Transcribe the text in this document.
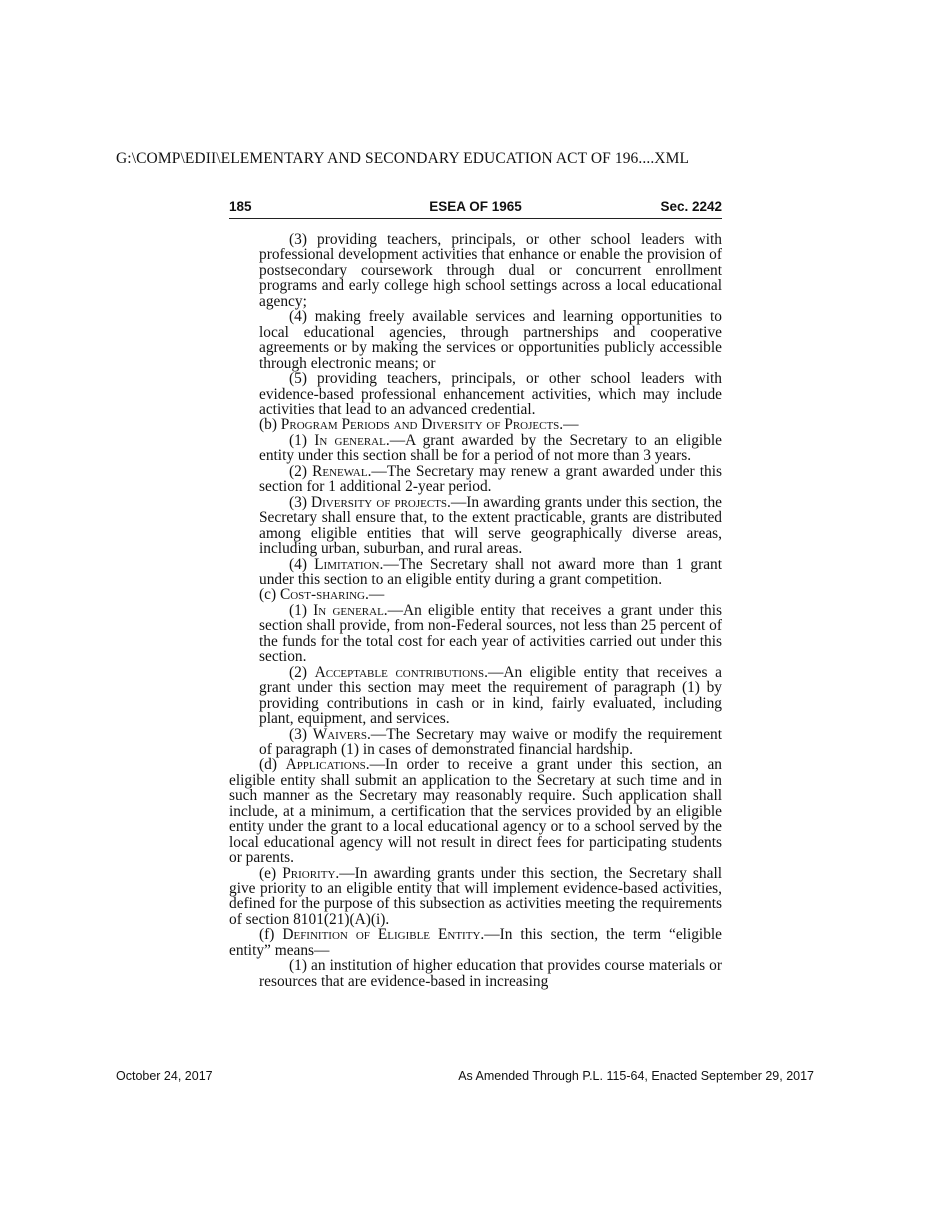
G:\COMP\EDII\ELEMENTARY AND SECONDARY EDUCATION ACT OF 196....XML
185	ESEA OF 1965	Sec. 2242

(3) providing teachers, principals, or other school leaders with professional development activities that enhance or enable the provision of postsecondary coursework through dual or concurrent enrollment programs and early college high school settings across a local educational agency;

(4) making freely available services and learning opportunities to local educational agencies, through partnerships and cooperative agreements or by making the services or opportunities publicly accessible through electronic means; or

(5) providing teachers, principals, or other school leaders with evidence-based professional enhancement activities, which may include activities that lead to an advanced credential.

(b) Program Periods and Diversity of Projects.—

(1) In general.—A grant awarded by the Secretary to an eligible entity under this section shall be for a period of not more than 3 years.

(2) Renewal.—The Secretary may renew a grant awarded under this section for 1 additional 2-year period.

(3) Diversity of projects.—In awarding grants under this section, the Secretary shall ensure that, to the extent practicable, grants are distributed among eligible entities that will serve geographically diverse areas, including urban, suburban, and rural areas.

(4) Limitation.—The Secretary shall not award more than 1 grant under this section to an eligible entity during a grant competition.

(c) Cost-sharing.—

(1) In general.—An eligible entity that receives a grant under this section shall provide, from non-Federal sources, not less than 25 percent of the funds for the total cost for each year of activities carried out under this section.

(2) Acceptable contributions.—An eligible entity that receives a grant under this section may meet the requirement of paragraph (1) by providing contributions in cash or in kind, fairly evaluated, including plant, equipment, and services.

(3) Waivers.—The Secretary may waive or modify the requirement of paragraph (1) in cases of demonstrated financial hardship.

(d) Applications.—In order to receive a grant under this section, an eligible entity shall submit an application to the Secretary at such time and in such manner as the Secretary may reasonably require. Such application shall include, at a minimum, a certification that the services provided by an eligible entity under the grant to a local educational agency or to a school served by the local educational agency will not result in direct fees for participating students or parents.

(e) Priority.—In awarding grants under this section, the Secretary shall give priority to an eligible entity that will implement evidence-based activities, defined for the purpose of this subsection as activities meeting the requirements of section 8101(21)(A)(i).

(f) Definition of Eligible Entity.—In this section, the term “eligible entity” means—

(1) an institution of higher education that provides course materials or resources that are evidence-based in increasing

October 24, 2017	As Amended Through P.L. 115-64, Enacted September 29, 2017
